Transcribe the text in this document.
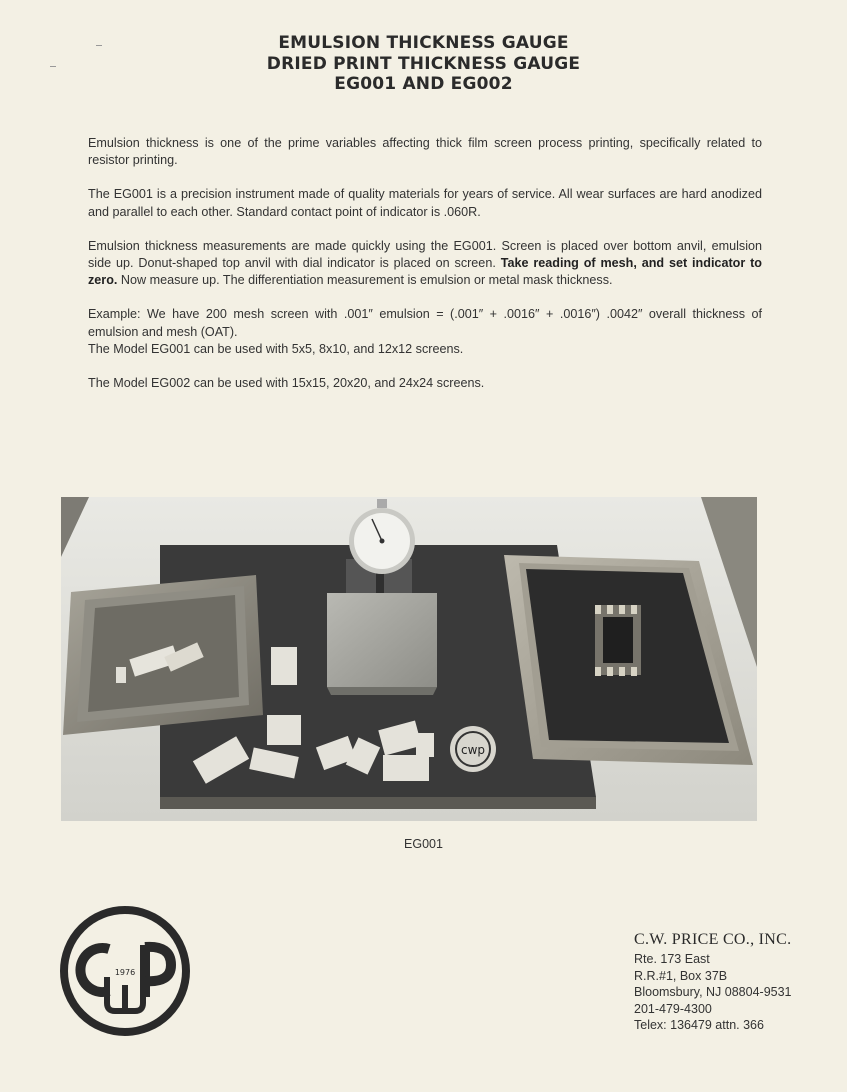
EMULSION THICKNESS GAUGE
DRIED PRINT THICKNESS GAUGE
EG001 AND EG002

Emulsion thickness is one of the prime variables affecting thick film screen process printing, specifically related to resistor printing.

The EG001 is a precision instrument made of quality materials for years of service. All wear surfaces are hard anodized and parallel to each other. Standard contact point of indicator is .060R.

Emulsion thickness measurements are made quickly using the EG001. Screen is placed over bottom anvil, emulsion side up. Donut-shaped top anvil with dial indicator is placed on screen. Take reading of mesh, and set indicator to zero. Now measure up. The differentiation measurement is emulsion or metal mask thickness.

Example: We have 200 mesh screen with .001″ emulsion = (.001″ + .0016″ + .0016″) .0042″ overall thickness of emulsion and mesh (OAT).

The Model EG001 can be used with 5x5, 8x10, and 12x12 screens.

The Model EG002 can be used with 15x15, 20x20, and 24x24 screens.

cwp
EG001
1976
C.W. PRICE CO., INC.
Rte. 173 East
R.R.#1, Box 37B
Bloomsbury, NJ 08804-9531
201-479-4300
Telex: 136479 attn. 366
